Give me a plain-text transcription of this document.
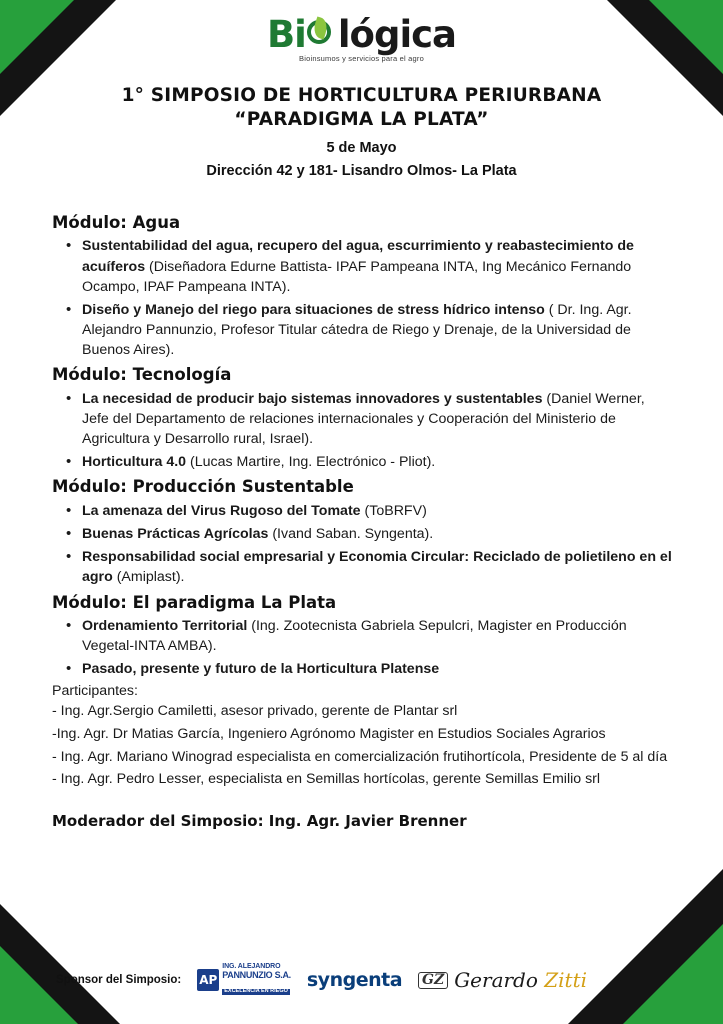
Bi lógica
Bioinsumos y servicios para el agro
1° SIMPOSIO DE HORTICULTURA PERIURBANA
“PARADIGMA LA PLATA”
5 de Mayo
Dirección 42 y 181- Lisandro Olmos- La Plata
Módulo: Agua
• Sustentabilidad del agua, recupero del agua, escurrimiento y reabastecimiento de acuíferos (Diseñadora Edurne Battista- IPAF Pampeana INTA, Ing Mecánico Fernando Ocampo, IPAF Pampeana INTA).
• Diseño y Manejo del riego para situaciones de stress hídrico intenso ( Dr. Ing. Agr. Alejandro Pannunzio, Profesor Titular cátedra de Riego y Drenaje, de la Universidad de Buenos Aires).
Módulo: Tecnología
• La necesidad de producir bajo sistemas innovadores y sustentables (Daniel Werner, Jefe del Departamento de relaciones internacionales y Cooperación del Ministerio de Agricultura y Desarrollo rural, Israel).
• Horticultura 4.0 (Lucas Martire, Ing. Electrónico - Pliot).
Módulo: Producción Sustentable
• La amenaza del Virus Rugoso del Tomate (ToBRFV)
• Buenas Prácticas Agrícolas (Ivand Saban. Syngenta).
• Responsabilidad social empresarial y Economia Circular: Reciclado de polietileno en el agro (Amiplast).
Módulo: El paradigma La Plata
• Ordenamiento Territorial (Ing. Zootecnista Gabriela Sepulcri, Magister en Producción Vegetal-INTA AMBA).
• Pasado, presente y futuro de la Horticultura Platense
Participantes:
- Ing. Agr.Sergio Camiletti, asesor privado, gerente de Plantar srl
-Ing. Agr. Dr Matias García, Ingeniero Agrónomo Magister en Estudios Sociales Agrarios
- Ing. Agr. Mariano Winograd especialista en comercialización frutihortícola, Presidente de 5 al día
- Ing. Agr. Pedro Lesser, especialista en Semillas hortícolas, gerente Semillas Emilio srl
Moderador del Simposio: Ing. Agr. Javier Brenner
Sponsor del Simposio: AP
ING. ALEJANDRO
PANNUNZIO S.A.
EXCELENCIA EN RIEGO syngenta GZ Gerardo Zitti
